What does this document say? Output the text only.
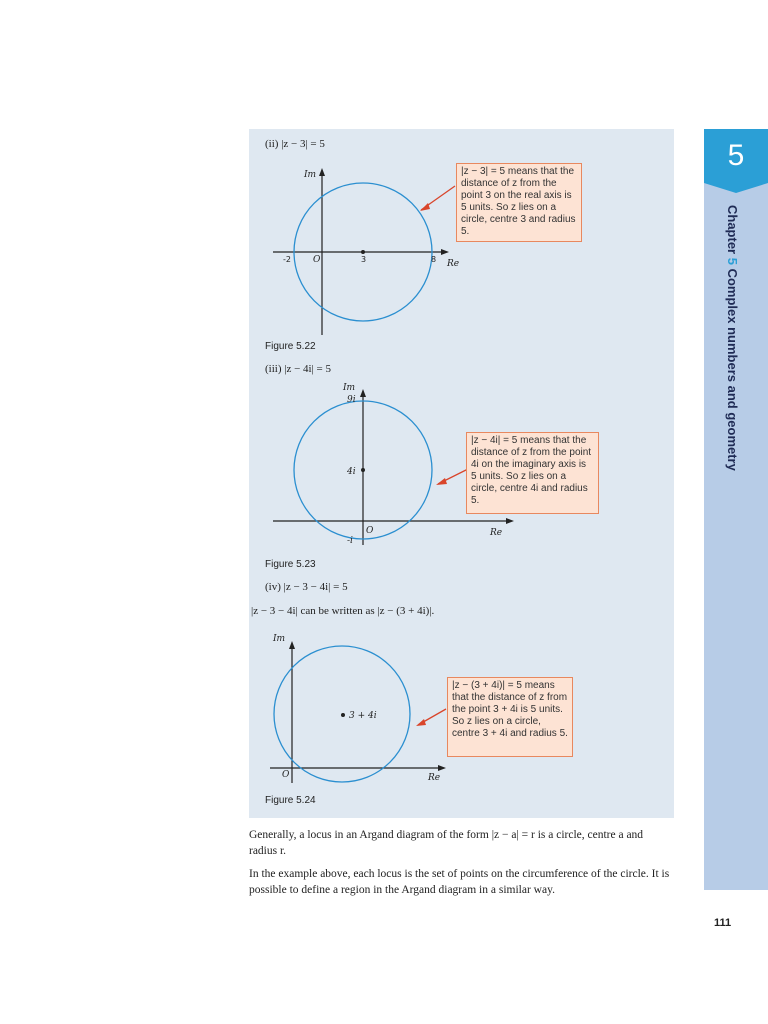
5
Chapter 5 Complex numbers and geometry
(ii) |z − 3| = 5
Im
Re
O
-2	3	8
|z − 3| = 5 means that the distance of z from the point 3 on the real axis is 5 units. So z lies on a circle, centre 3 and radius 5.
Figure 5.22
(iii) |z − 4i| = 5
Im
Re
O
9i
4i
-i
|z − 4i| = 5 means that the distance of z from the point 4i on the imaginary axis is 5 units. So z lies on a circle, centre 4i and radius 5.
Figure 5.23
(iv) |z − 3 − 4i| = 5
|z − 3 − 4i| can be written as |z − (3 + 4i)|.
Im
Re
O
3 + 4i
|z − (3 + 4i)| = 5 means that the distance of z from the point 3 + 4i is 5 units. So z lies on a circle, centre 3 + 4i and radius 5.
Figure 5.24

Generally, a locus in an Argand diagram of the form |z − a| = r is a circle, centre a and radius r.

In the example above, each locus is the set of points on the circumference of the circle. It is possible to define a region in the Argand diagram in a similar way.

111
